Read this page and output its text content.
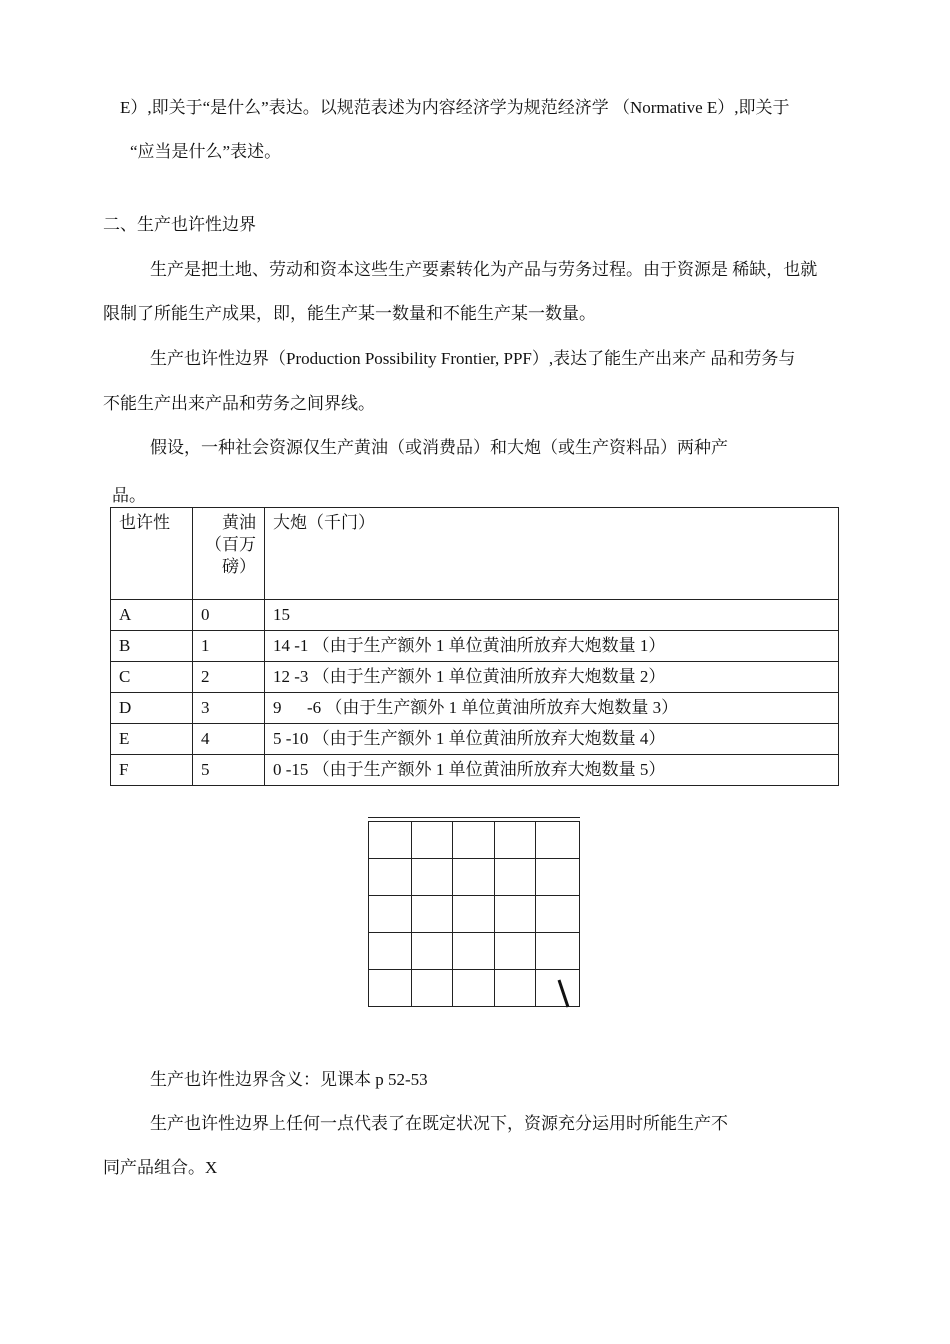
E）,即关于“是什么”表达。以规范表述为内容经济学为规范经济学 （Normative E）,即关于
“应当是什么”表述。
二、生产也许性边界
生产是把土地、劳动和资本这些生产要素转化为产品与劳务过程。由于资源是 稀缺，也就
限制了所能生产成果，即，能生产某一数量和不能生产某一数量。
生产也许性边界（Production Possibility Frontier, PPF）,表达了能生产出来产 品和劳务与
不能生产出来产品和劳务之间界线。
假设，一种社会资源仅生产黄油（或消费品）和大炮（或生产资料品）两种产
品。
也许性	黄油（百万磅）	大炮（千门）
A	0	15
B	1	14 -1 （由于生产额外 1 单位黄油所放弃大炮数量 1）
C	2	12 -3 （由于生产额外 1 单位黄油所放弃大炮数量 2）
D	3	9 　 -6 （由于生产额外 1 单位黄油所放弃大炮数量 3）
E	4	5 -10 （由于生产额外 1 单位黄油所放弃大炮数量 4）
F	5	0 -15 （由于生产额外 1 单位黄油所放弃大炮数量 5）
生产也许性边界含义：见课本 p 52-53
生产也许性边界上任何一点代表了在既定状况下，资源充分运用时所能生产不
同产品组合。X
